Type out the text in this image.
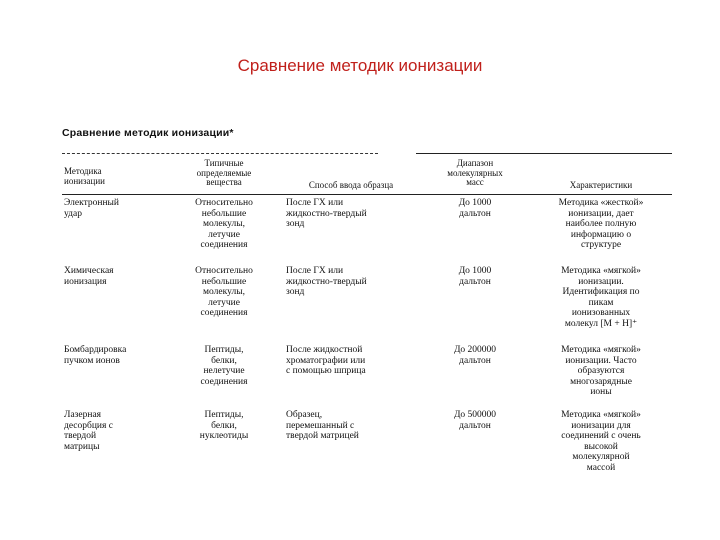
Сравнение методик ионизации
Сравнение методик ионизации*
Методика
ионизации
Типичные
определяемые
вещества	Способ ввода образца
Диапазон
молекулярных
масс	Характеристики
Электронный
удар
Относительно
небольшие
молекулы,
летучие
соединения
После ГХ или
жидкостно-твердый
зонд
До 1000
дальтон
Методика «жесткой»
ионизации, дает
наиболее полную
информацию о
структуре
Химическая
ионизация
Относительно
небольшие
молекулы,
летучие
соединения
После ГХ или
жидкостно-твердый
зонд
До 1000
дальтон
Методика «мягкой»
ионизации.
Идентификация по
пикам
ионизованных
молекул [M + H]⁺
Бомбардировка
пучком ионов
Пептиды,
белки,
нелетучие
соединения
После жидкостной
хроматографии или
с помощью шприца
До 200000
дальтон
Методика «мягкой»
ионизации. Часто
образуются
многозарядные
ионы
Лазерная
десорбция с
твердой
матрицы
Пептиды,
белки,
нуклеотиды
Образец,
перемешанный с
твердой матрицей
До 500000
дальтон
Методика «мягкой»
ионизации для
соединений с очень
высокой
молекулярной
массой
